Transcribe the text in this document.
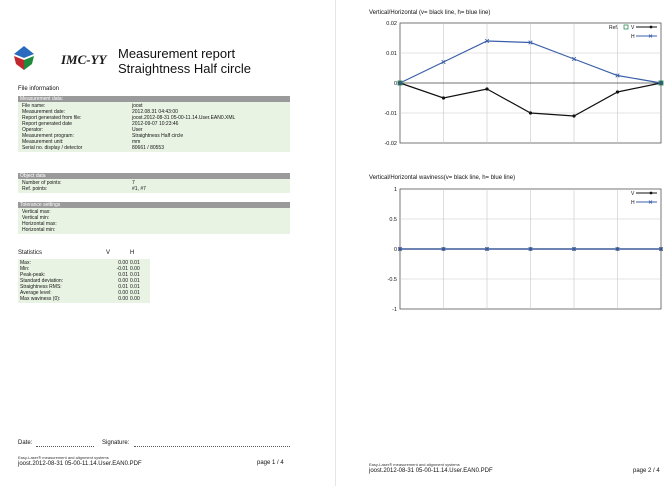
IMC-YY Measurement report
Straightness Half circle
File information
Measurement data:
File name:	joost
Measurement date:	2012.08.31 04:43:00
Report generated from file:	joost.2012-08-31 05-00-11.14.User.EAN0.XML
Report generated date	2012-09-07 10:23:46
Operator:	User
Measurement program:	Straightness Half circle
Measurement unit:	mm
Serial no. display / detector	80661 / 80553
Object data
Number of points:	7
Ref. points:	#1, #7
Tolerance settings
Vertical max:
Vertical min:
Horizontal max:
Horizontal min:
Statistics	V	H
Max:	0.00 0.01
Min:	-0.01 0.00
Peak-peak:	0.01 0.01
Standard deviation:	0.00 0.01
Straightness RMS:	0.01 0.01
Average level:	0.00 0.01
Max waviness (0):	0.00 0.00
Date:	Signature:
Easy-Laser® measurement and alignment systems
joost.2012-08-31 05-00-11.14.User.EAN0.PDF	page 1 / 4
Vertical/Horizontal (v= black line, h= blue line)
0.02
0.01
0
-0.01
-0.02
Ref.	V
H
Vertical/Horizontal waviness(v= black line, h= blue line)
1
0.5
0
-0.5
-1
V
H
Easy-Laser® measurement and alignment systems
joost.2012-08-31 05-00-11.14.User.EAN0.PDF	page 2 / 4
